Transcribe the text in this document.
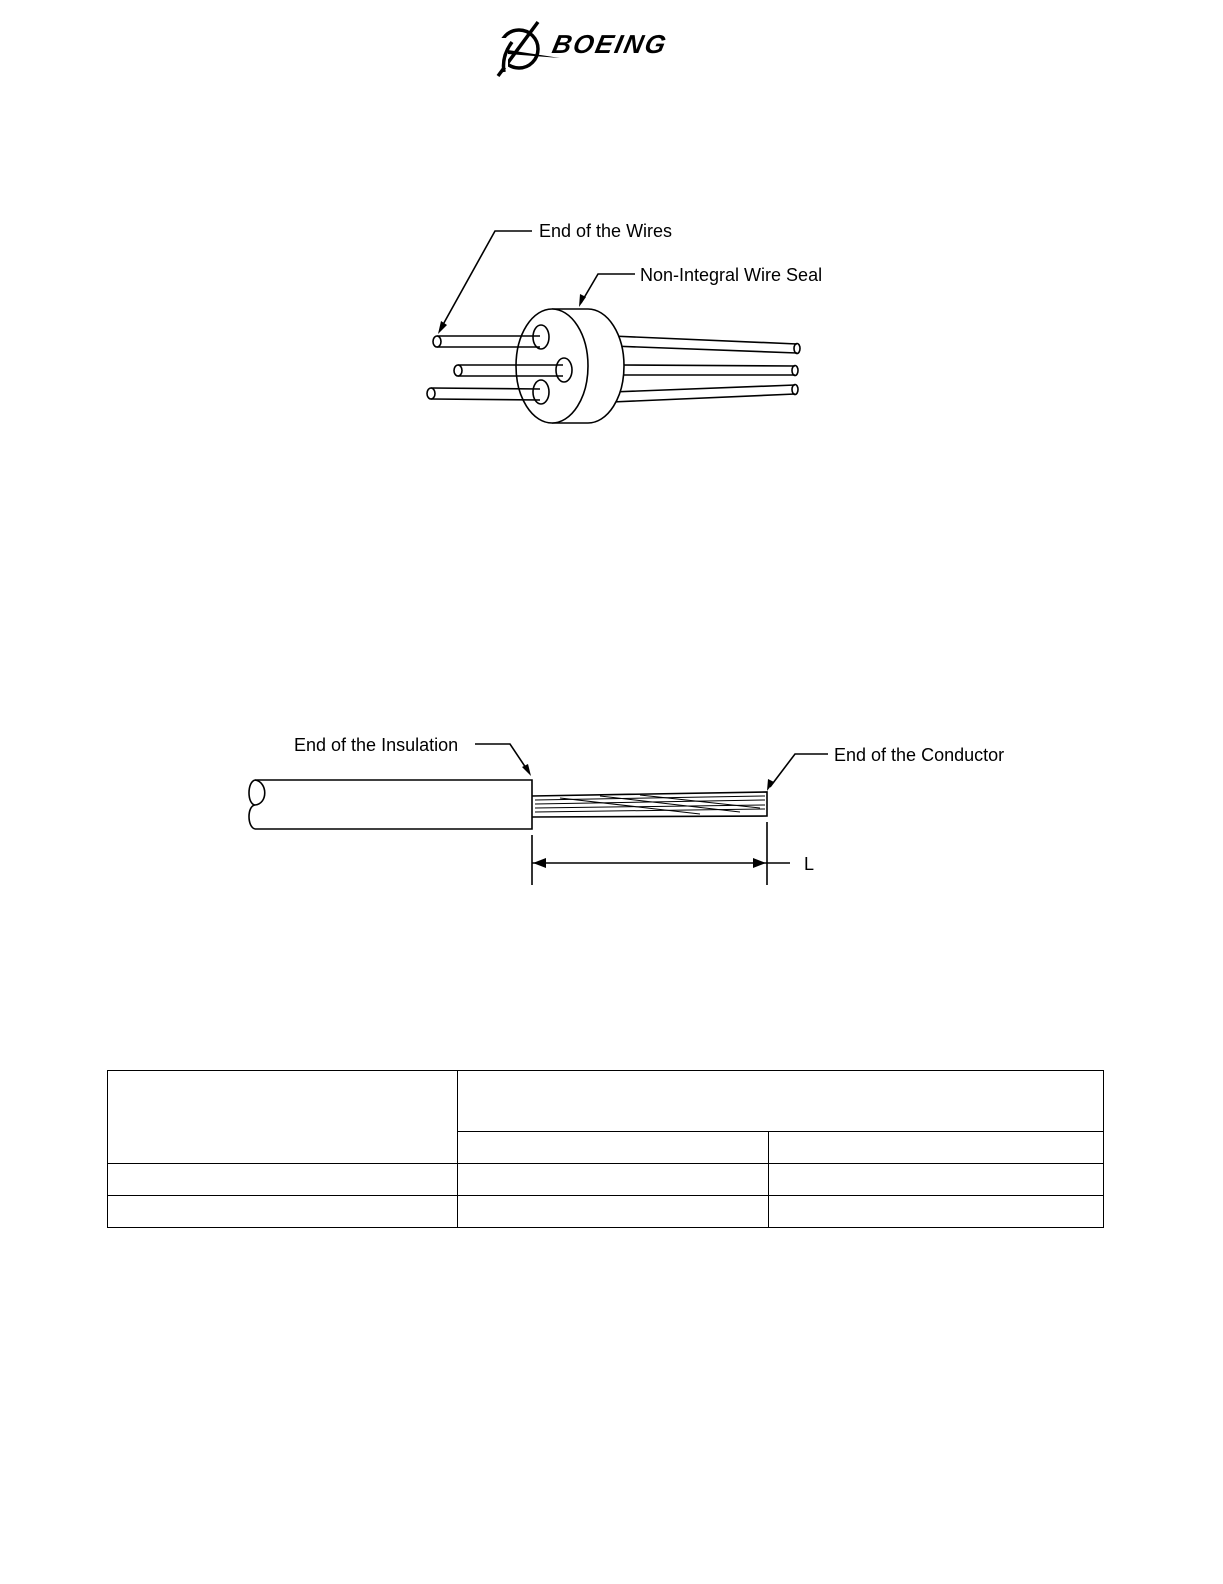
BOEING
End of the Wires
Non-Integral Wire Seal
End of the Insulation	End of the Conductor
L
